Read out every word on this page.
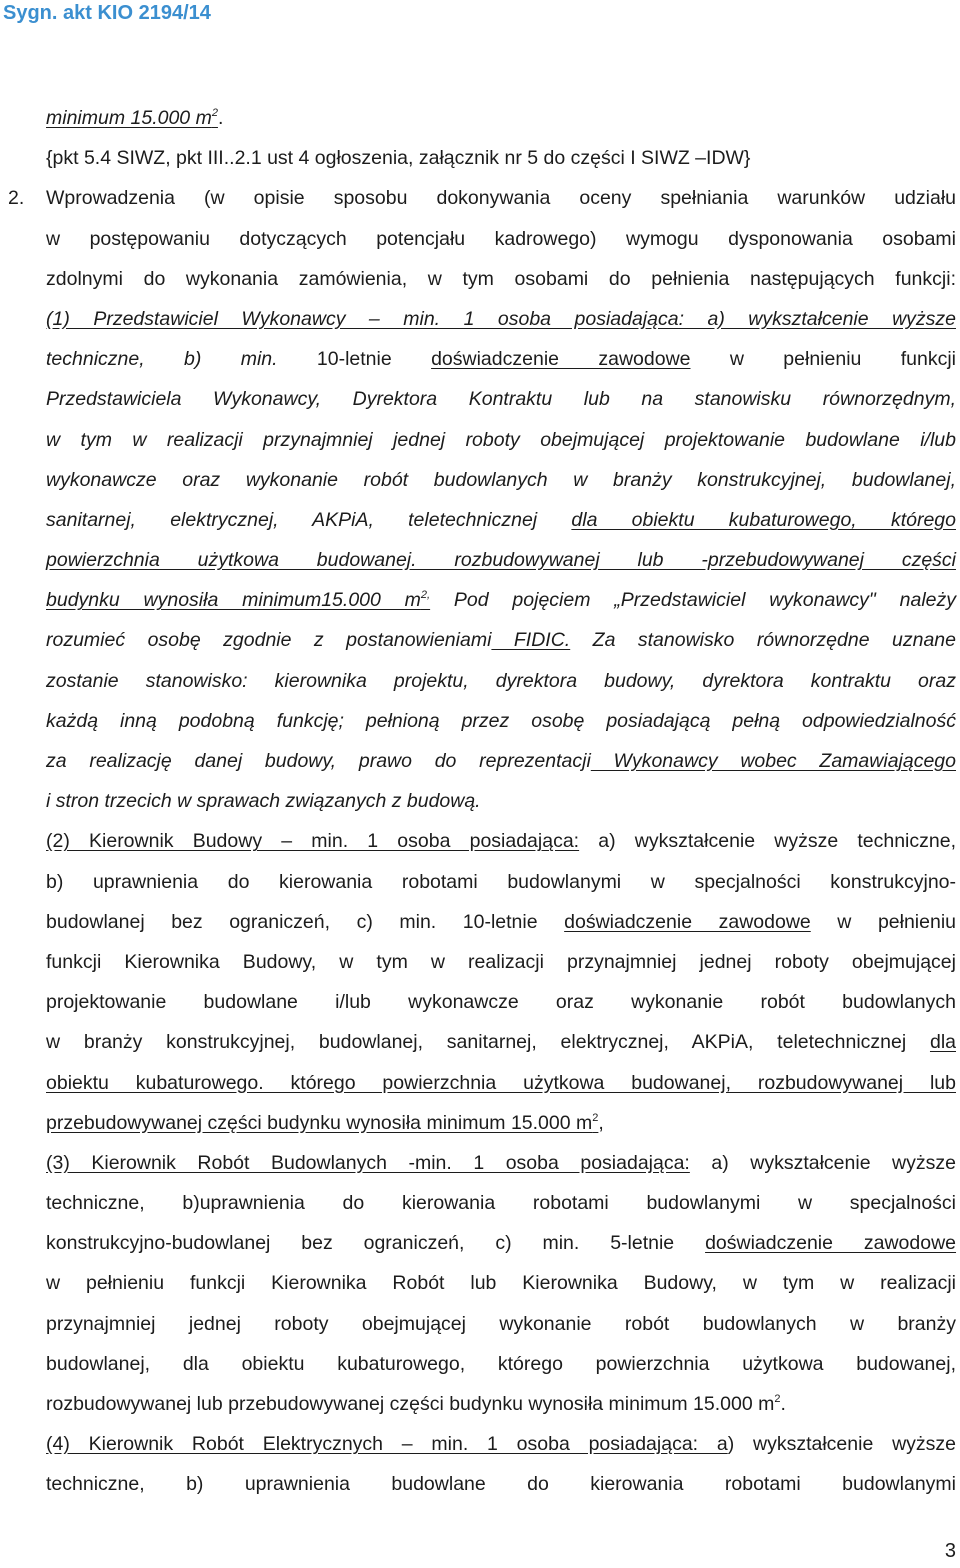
Sygn. akt KIO 2194/14
minimum 15.000 $m^2$.
{pkt 5.4 SIWZ, pkt III..2.1 ust 4 ogłoszenia, załącznik nr 5 do części I SIWZ –IDW}
2. Wprowadzenia (w opisie sposobu dokonywania oceny spełniania warunków udziału
w postępowaniu dotyczących potencjału kadrowego) wymogu dysponowania osobami
zdolnymi do wykonania zamówienia, w tym osobami do pełnienia następujących funkcji:
(1) Przedstawiciel Wykonawcy – min. 1 osoba posiadająca: a) wykształcenie wyższe
techniczne, b) min. 10-letnie doświadczenie zawodowe w pełnieniu funkcji
Przedstawiciela Wykonawcy, Dyrektora Kontraktu lub na stanowisku równorzędnym,
w tym w realizacji przynajmniej jednej roboty obejmującej projektowanie budowlane i/lub
wykonawcze oraz wykonanie robót budowlanych w branży konstrukcyjnej, budowlanej,
sanitarnej, elektrycznej, AKPiA, teletechnicznej dla obiektu kubaturowego, którego
powierzchnia użytkowa budowanej. rozbudowywanej lub -przebudowywanej części
budynku wynosiła minimum15.000 $m^{2,}$ Pod pojęciem „Przedstawiciel wykonawcy" należy
rozumieć osobę zgodnie z postanowieniami FIDIC. Za stanowisko równorzędne uznane
zostanie stanowisko: kierownika projektu, dyrektora budowy, dyrektora kontraktu oraz
każdą inną podobną funkcję; pełnioną przez osobę posiadającą pełną odpowiedzialność
za realizację danej budowy, prawo do reprezentacji Wykonawcy wobec Zamawiającego
i stron trzecich w sprawach związanych z budową.
(2) Kierownik Budowy – min. 1 osoba posiadająca: a) wykształcenie wyższe techniczne,
b) uprawnienia do kierowania robotami budowlanymi w specjalności konstrukcyjno-
budowlanej bez ograniczeń, c) min. 10-letnie doświadczenie zawodowe w pełnieniu
funkcji Kierownika Budowy, w tym w realizacji przynajmniej jednej roboty obejmującej
projektowanie budowlane i/lub wykonawcze oraz wykonanie robót budowlanych
w branży konstrukcyjnej, budowlanej, sanitarnej, elektrycznej, AKPiA, teletechnicznej dla
obiektu kubaturowego. którego powierzchnia użytkowa budowanej, rozbudowywanej lub
przebudowywanej części budynku wynosiła minimum 15.000 $m^2$,
(3) Kierownik Robót Budowlanych -min. 1 osoba posiadająca: a) wykształcenie wyższe
techniczne, b)uprawnienia do kierowania robotami budowlanymi w specjalności
konstrukcyjno-budowlanej bez ograniczeń, c) min. 5-letnie doświadczenie zawodowe
w pełnieniu funkcji Kierownika Robót lub Kierownika Budowy, w tym w realizacji
przynajmniej jednej roboty obejmującej wykonanie robót budowlanych w branży
budowlanej, dla obiektu kubaturowego, którego powierzchnia użytkowa budowanej,
rozbudowywanej lub przebudowywanej części budynku wynosiła minimum 15.000 $m^2$.
(4) Kierownik Robót Elektrycznych – min. 1 osoba posiadająca: a) wykształcenie wyższe
techniczne, b) uprawnienia budowlane do kierowania robotami budowlanymi
3
